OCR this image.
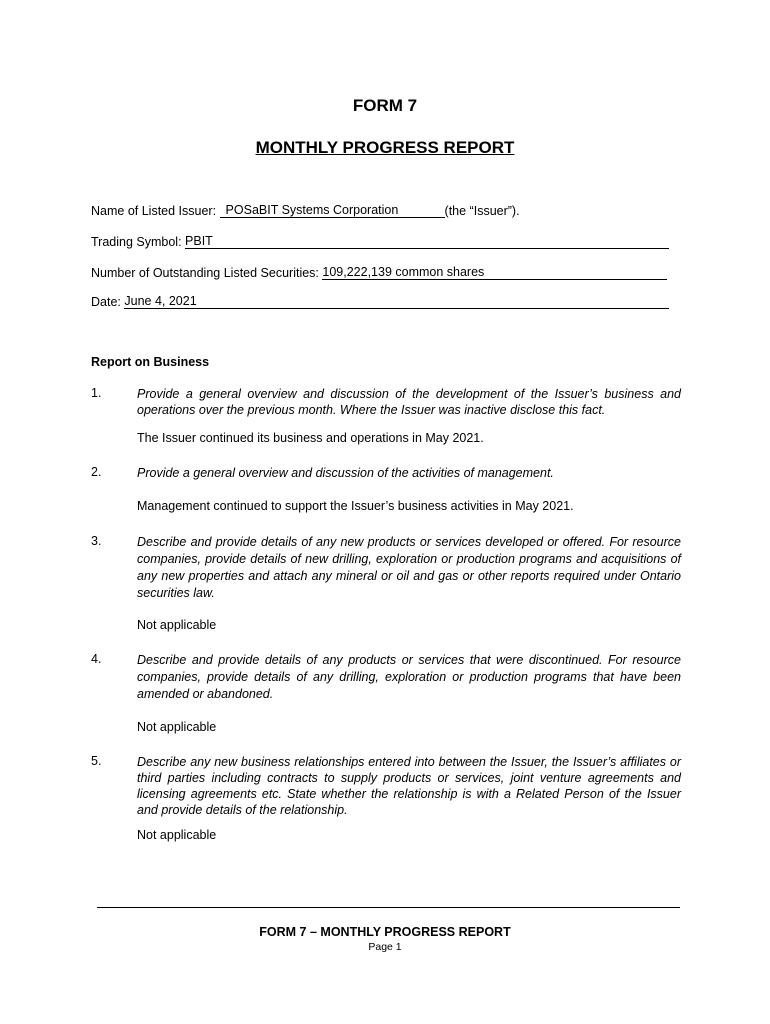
FORM 7
MONTHLY PROGRESS REPORT
Name of Listed Issuer:
POSaBIT Systems Corporation	(the “Issuer”).
Trading Symbol:
PBIT
Number of Outstanding Listed Securities:
109,222,139 common shares
Date:
June 4, 2021
Report on Business
1.	Provide a general overview and discussion of the development of the Issuer’s business and operations over the previous month. Where the Issuer was inactive disclose this fact.
The Issuer continued its business and operations in May 2021.
2.	Provide a general overview and discussion of the activities of management.
Management continued to support the Issuer’s business activities in May 2021.
3.	Describe and provide details of any new products or services developed or offered. For resource companies, provide details of new drilling, exploration or production programs and acquisitions of any new properties and attach any mineral or oil and gas or other reports required under Ontario securities law.
Not applicable
4.	Describe and provide details of any products or services that were discontinued. For resource companies, provide details of any drilling, exploration or production programs that have been amended or abandoned.
Not applicable
5.	Describe any new business relationships entered into between the Issuer, the Issuer’s affiliates or third parties including contracts to supply products or services, joint venture agreements and licensing agreements etc. State whether the relationship is with a Related Person of the Issuer and provide details of the relationship.
Not applicable
FORM 7 – MONTHLY PROGRESS REPORT
Page 1
